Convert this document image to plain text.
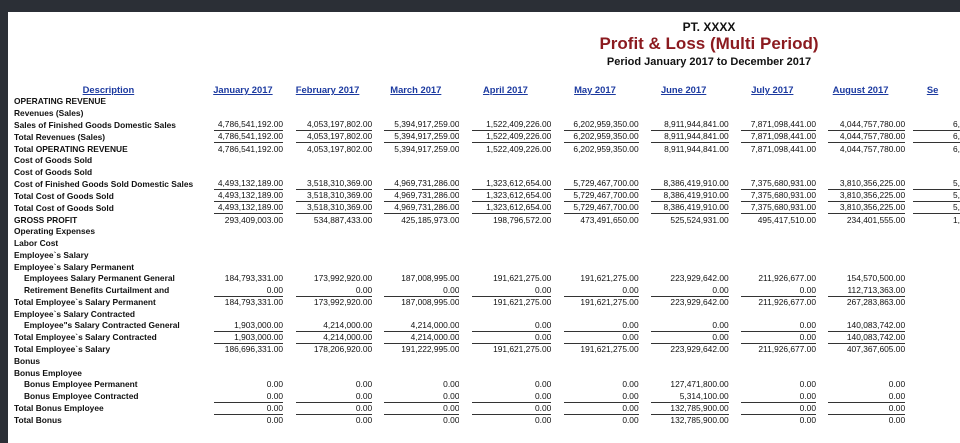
PT. XXXX
Profit & Loss (Multi Period)
Period January 2017 to December 2017
Description	January 2017	February 2017	March 2017	April 2017	May 2017	June 2017	July 2017	August 2017	Se
OPERATING REVENUE									
Revenues (Sales)									
Sales of Finished Goods Domestic Sales	4,786,541,192.00	4,053,197,802.00	5,394,917,259.00	1,522,409,226.00	6,202,959,350.00	8,911,944,841.00	7,871,098,441.00	4,044,757,780.00	6,
Total Revenues (Sales)	4,786,541,192.00	4,053,197,802.00	5,394,917,259.00	1,522,409,226.00	6,202,959,350.00	8,911,944,841.00	7,871,098,441.00	4,044,757,780.00	6,
Total OPERATING REVENUE	4,786,541,192.00	4,053,197,802.00	5,394,917,259.00	1,522,409,226.00	6,202,959,350.00	8,911,944,841.00	7,871,098,441.00	4,044,757,780.00	6,
Cost of Goods Sold									
Cost of Goods Sold									
Cost of Finished Goods Sold Domestic Sales	4,493,132,189.00	3,518,310,369.00	4,969,731,286.00	1,323,612,654.00	5,729,467,700.00	8,386,419,910.00	7,375,680,931.00	3,810,356,225.00	5,
Total Cost of Goods Sold	4,493,132,189.00	3,518,310,369.00	4,969,731,286.00	1,323,612,654.00	5,729,467,700.00	8,386,419,910.00	7,375,680,931.00	3,810,356,225.00	5,
Total Cost of Goods Sold	4,493,132,189.00	3,518,310,369.00	4,969,731,286.00	1,323,612,654.00	5,729,467,700.00	8,386,419,910.00	7,375,680,931.00	3,810,356,225.00	5,
GROSS PROFIT	293,409,003.00	534,887,433.00	425,185,973.00	198,796,572.00	473,491,650.00	525,524,931.00	495,417,510.00	234,401,555.00	1,
Operating Expenses									
Labor Cost									
Employee`s Salary									
Employee`s Salary Permanent									
Employees Salary Permanent General	184,793,331.00	173,992,920.00	187,008,995.00	191,621,275.00	191,621,275.00	223,929,642.00	211,926,677.00	154,570,500.00	
Retirement Benefits Curtailment and	0.00	0.00	0.00	0.00	0.00	0.00	0.00	112,713,363.00	
Total Employee`s Salary Permanent	184,793,331.00	173,992,920.00	187,008,995.00	191,621,275.00	191,621,275.00	223,929,642.00	211,926,677.00	267,283,863.00	
Employee`s Salary Contracted									
Employee"s Salary Contracted General	1,903,000.00	4,214,000.00	4,214,000.00	0.00	0.00	0.00	0.00	140,083,742.00	
Total Employee`s Salary Contracted	1,903,000.00	4,214,000.00	4,214,000.00	0.00	0.00	0.00	0.00	140,083,742.00	
Total Employee`s Salary	186,696,331.00	178,206,920.00	191,222,995.00	191,621,275.00	191,621,275.00	223,929,642.00	211,926,677.00	407,367,605.00	
Bonus									
Bonus Employee									
Bonus Employee Permanent	0.00	0.00	0.00	0.00	0.00	127,471,800.00	0.00	0.00	
Bonus Employee Contracted	0.00	0.00	0.00	0.00	0.00	5,314,100.00	0.00	0.00	
Total Bonus Employee	0.00	0.00	0.00	0.00	0.00	132,785,900.00	0.00	0.00	
Total Bonus	0.00	0.00	0.00	0.00	0.00	132,785,900.00	0.00	0.00	
